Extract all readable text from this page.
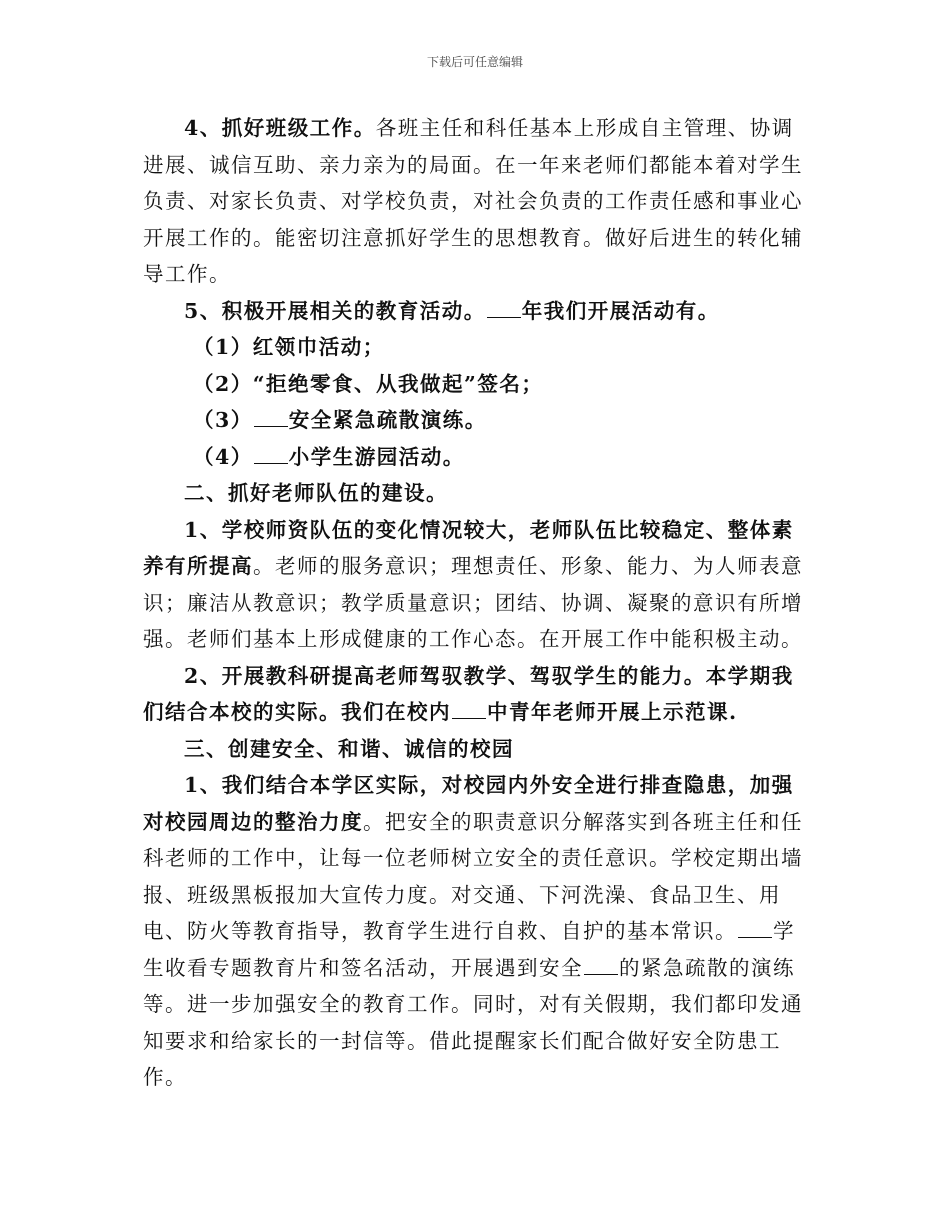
下载后可任意编辑

4、抓好班级工作。各班主任和科任基本上形成自主管理、协调进展、诚信互助、亲力亲为的局面。在一年来老师们都能本着对学生负责、对家长负责、对学校负责，对社会负责的工作责任感和事业心开展工作的。能密切注意抓好学生的思想教育。做好后进生的转化辅导工作。

5、积极开展相关的教育活动。 年我们开展活动有。

（1）红领巾活动；

（2）“拒绝零食、从我做起”签名；

（3） 安全紧急疏散演练。

（4） 小学生游园活动。

二、抓好老师队伍的建设。

1、学校师资队伍的变化情况较大，老师队伍比较稳定、整体素养有所提高。老师的服务意识；理想责任、形象、能力、为人师表意识；廉洁从教意识；教学质量意识；团结、协调、凝聚的意识有所增强。老师们基本上形成健康的工作心态。在开展工作中能积极主动。

2、开展教科研提高老师驾驭教学、驾驭学生的能力。本学期我们结合本校的实际。我们在校内 中青年老师开展上示范课.

三、创建安全、和谐、诚信的校园

1、我们结合本学区实际，对校园内外安全进行排查隐患，加强对校园周边的整治力度。把安全的职责意识分解落实到各班主任和任科老师的工作中，让每一位老师树立安全的责任意识。学校定期出墙报、班级黑板报加大宣传力度。对交通、下河洗澡、食品卫生、用电、防火等教育指导，教育学生进行自救、自护的基本常识。 学生收看专题教育片和签名活动，开展遇到安全 的紧急疏散的演练等。进一步加强安全的教育工作。同时，对有关假期，我们都印发通知要求和给家长的一封信等。借此提醒家长们配合做好安全防患工作。
